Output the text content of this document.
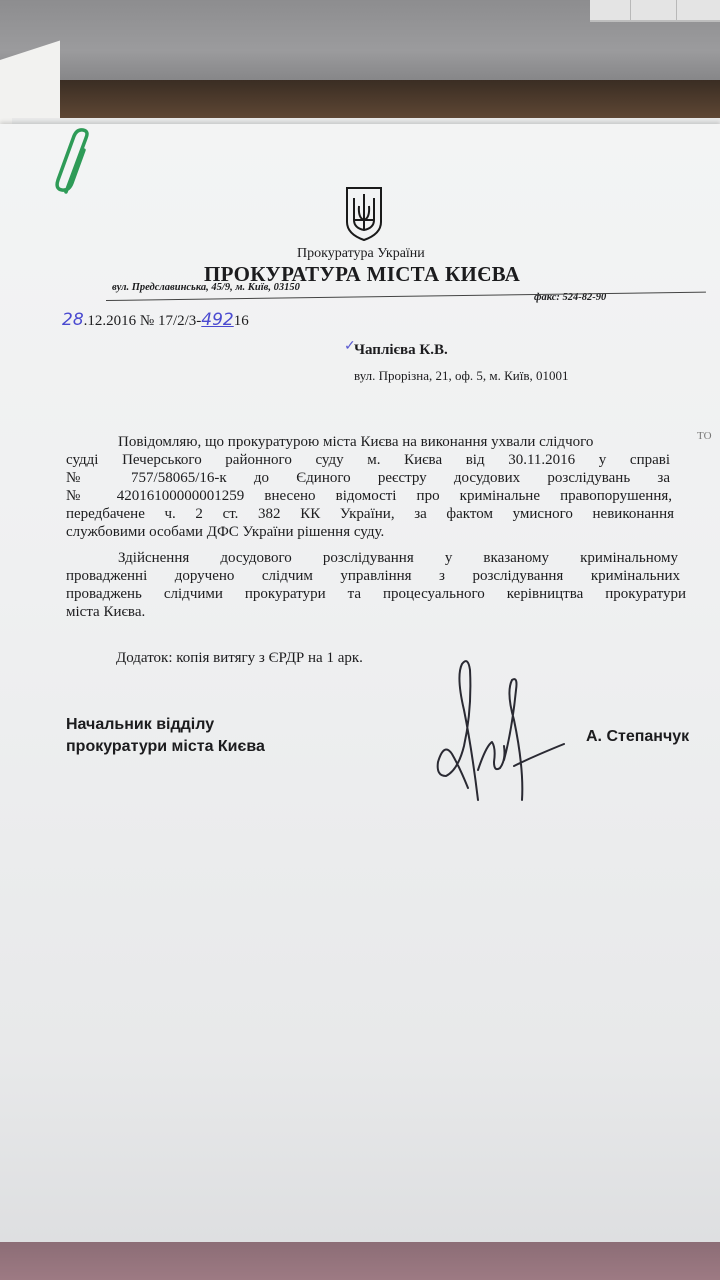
Прокуратура України
ПРОКУРАТУРА МІСТА КИЄВА
вул. Предславинська, 45/9, м. Київ, 03150
факс: 524-82-90
28.12.2016 № 17/2/3-49216
✓
Чаплієва К.В.
вул. Прорізна, 21, оф. 5, м. Київ, 01001
ТО
Повідомляю, що прокуратурою міста Києва на виконання ухвали слідчого
судді Печерського районного суду м. Києва від 30.11.2016 у справі
№ 757/58065/16-к до Єдиного реєстру досудових розслідувань за
№ 42016100000001259 внесено відомості про кримінальне правопорушення,
передбачене ч. 2 ст. 382 КК України, за фактом умисного невиконання
службовими особами ДФС України рішення суду.
Здійснення досудового розслідування у вказаному кримінальному
провадженні доручено слідчим управління з розслідування кримінальних
проваджень слідчими прокуратури та процесуального керівництва прокуратури
міста Києва.
Додаток: копія витягу з ЄРДР на 1 арк.
Начальник відділу
прокуратури міста Києва
А. Степанчук
